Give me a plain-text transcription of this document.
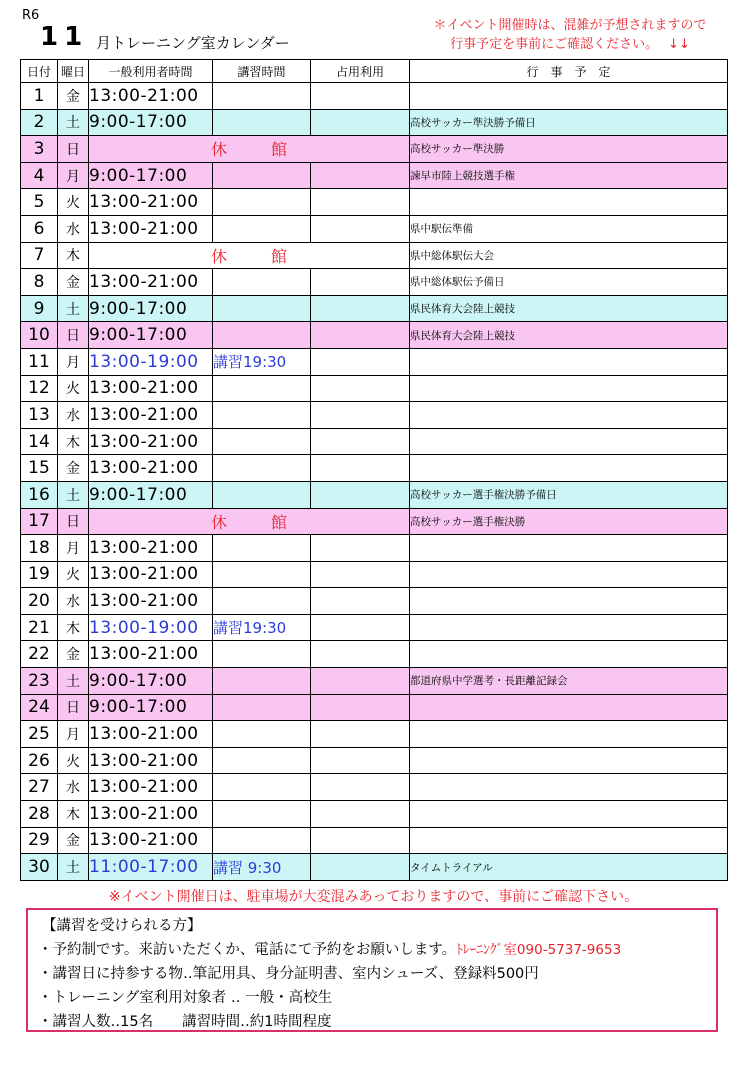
R6
11 月トレーニング室カレンダー
＊イベント開催時は、混雑が予想されますので
行事予定を事前にご確認ください。 ↓↓
日付	曜日	一般利用者時間	講習時間	占用利用	行　事　予　定
1	金	13:00-21:00			
2	土	9:00-17:00			高校サッカー準決勝予備日
3	日	休 館			高校サッカー準決勝
4	月	9:00-17:00			諫早市陸上競技選手権
5	火	13:00-21:00			
6	水	13:00-21:00			県中駅伝準備
7	木	休 館			県中総体駅伝大会
8	金	13:00-21:00			県中総体駅伝予備日
9	土	9:00-17:00			県民体育大会陸上競技
10	日	9:00-17:00			県民体育大会陸上競技
11	月	13:00-19:00	講習19:30		
12	火	13:00-21:00			
13	水	13:00-21:00			
14	木	13:00-21:00			
15	金	13:00-21:00			
16	土	9:00-17:00			高校サッカー選手権決勝予備日
17	日	休 館			高校サッカー選手権決勝
18	月	13:00-21:00			
19	火	13:00-21:00			
20	水	13:00-21:00			
21	木	13:00-19:00	講習19:30		
22	金	13:00-21:00			
23	土	9:00-17:00			都道府県中学選考・長距離記録会
24	日	9:00-17:00			
25	月	13:00-21:00			
26	火	13:00-21:00			
27	水	13:00-21:00			
28	木	13:00-21:00			
29	金	13:00-21:00			
30	土	11:00-17:00	講習 9:30		タイムトライアル
※イベント開催日は、駐車場が大変混みあっておりますので、事前にご確認下さい。
【講習を受けられる方】
・予約制です。来訪いただくか、電話にて予約をお願いします。ﾄﾚｰﾆﾝｸﾞ室090-5737-9653
・講習日に持参する物‥筆記用具、身分証明書、室内シューズ、登録料500円
・トレーニング室利用対象者 ‥ 一般・高校生
・講習人数‥15名　　講習時間‥約1時間程度
